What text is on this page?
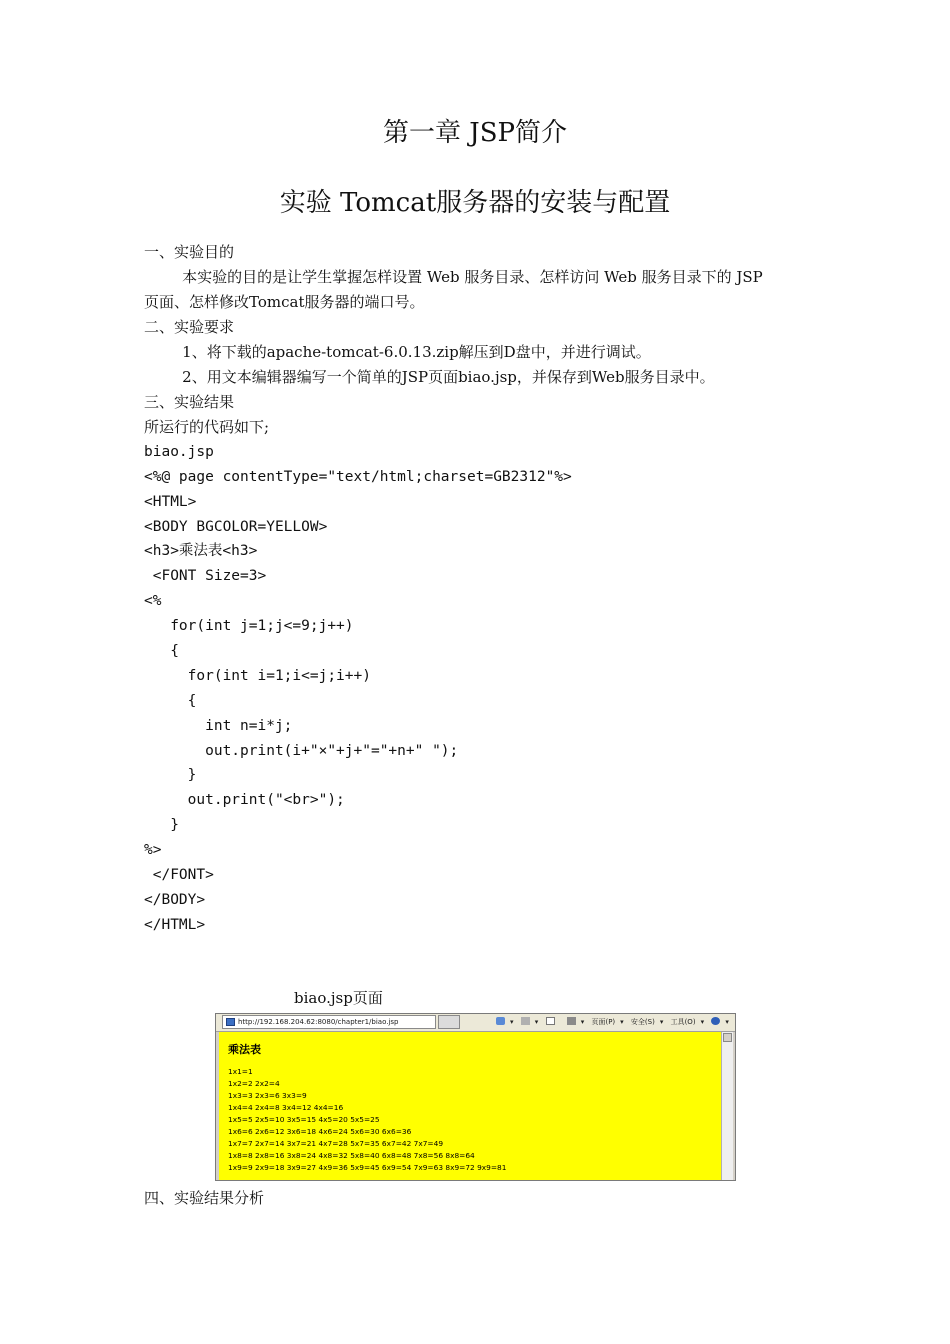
第一章 JSP简介
实验 Tomcat服务器的安装与配置
一、实验目的
本实验的目的是让学生掌握怎样设置 Web 服务目录、怎样访问 Web 服务目录下的 JSP
页面、怎样修改Tomcat服务器的端口号。
二、实验要求
1、将下载的apache-tomcat-6.0.13.zip解压到D盘中，并进行调试。
2、用文本编辑器编写一个简单的JSP页面biao.jsp，并保存到Web服务目录中。
三、实验结果
所运行的代码如下;
biao.jsp
<%@ page contentType="text/html;charset=GB2312"%>
<HTML>
<BODY BGCOLOR=YELLOW>
<h3>乘法表<h3>
<FONT Size=3>
<%
for(int j=1;j<=9;j++)
{
for(int i=1;i<=j;i++)
{
int n=i*j;
out.print(i+"×"+j+"="+n+" ");
}
out.print("<br>");
}
%>
</FONT>
</BODY>
</HTML>
biao.jsp页面
http://192.168.204.62:8080/chapter1/biao.jsp	▾	▾	▾ 页面(P) ▾ 安全(S) ▾ 工具(O) ▾	▾
乘法表
1x1=1
1x2=2 2x2=4
1x3=3 2x3=6 3x3=9
1x4=4 2x4=8 3x4=12 4x4=16
1x5=5 2x5=10 3x5=15 4x5=20 5x5=25
1x6=6 2x6=12 3x6=18 4x6=24 5x6=30 6x6=36
1x7=7 2x7=14 3x7=21 4x7=28 5x7=35 6x7=42 7x7=49
1x8=8 2x8=16 3x8=24 4x8=32 5x8=40 6x8=48 7x8=56 8x8=64
1x9=9 2x9=18 3x9=27 4x9=36 5x9=45 6x9=54 7x9=63 8x9=72 9x9=81
四、实验结果分析
